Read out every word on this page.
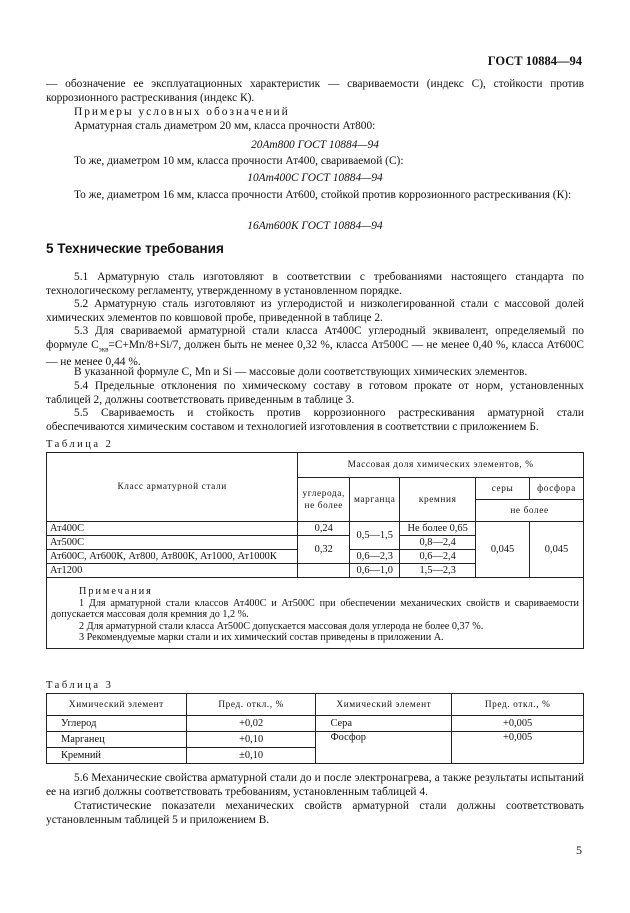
ГОСТ 10884—94
— обозначение ее эксплуатационных характеристик — свариваемости (индекс С), стойкости против коррозионного растрескивания (индекс К).
Примеры условных обозначений
Арматурная сталь диаметром 20 мм, класса прочности Ат800:
20Ат800 ГОСТ 10884—94
То же, диаметром 10 мм, класса прочности Ат400, свариваемой (С):
10Ат400С ГОСТ 10884—94
То же, диаметром 16 мм, класса прочности Ат600, стойкой против коррозионного растрескивания (К):
16Ат600К ГОСТ 10884—94
5 Технические требования
5.1 Арматурную сталь изготовляют в соответствии с требованиями настоящего стандарта по технологическому регламенту, утвержденному в установленном порядке.
5.2 Арматурную сталь изготовляют из углеродистой и низколегированной стали с массовой долей химических элементов по ковшовой пробе, приведенной в таблице 2.
5.3 Для свариваемой арматурной стали класса Ат400С углеродный эквивалент, определяемый по формуле $С_{экв}=C+Mn/8+Si/7$, должен быть не менее 0,32 %, класса Ат500С — не менее 0,40 %, класса Ат600С — не менее 0,44 %.
В указанной формуле С, Mn и Si — массовые доли соответствующих химических элементов.
5.4 Предельные отклонения по химическому составу в готовом прокате от норм, установленных таблицей 2, должны соответствовать приведенным в таблице 3.
5.5 Свариваемость и стойкость против коррозионного растрескивания арматурной стали обеспечиваются химическим составом и технологией изготовления в соответствии с приложением Б.
Таблица 2
Класс арматурной стали	Массовая доля химических элементов, %				
	углерода, не более	марганца	кремния	серы	фосфора
				не более	
Ат400С	0,24	0,5—1,5	Не более 0,65	0,045	0,045
Ат500С	0,32		0,8—2,4		
Ат600С, Ат600К, Ат800, Ат800К, Ат1000, Ат1000К		0,6—2,3	0,6—2,4		
Ат1200		0,6—1,0	1,5—2,3		

Примечания
1 Для арматурной стали классов Ат400С и Ат500С при обеспечении механических свойств и свариваемости допускается массовая доля кремния до 1,2 %.
2 Для арматурной стали класса Ат500С допускается массовая доля углерода не более 0,37 %.
3 Рекомендуемые марки стали и их химический состав приведены в приложении А.					
Таблица 3
Химический элемент	Пред. откл., %	Химический элемент	Пред. откл., %
Углерод	+0,02	Сера	+0,005
Марганец	+0,10	Фосфор	+0,005
Кремний	±0,10		
5.6 Механические свойства арматурной стали до и после электронагрева, а также результаты испытаний ее на изгиб должны соответствовать требованиям, установленным таблицей 4.
Статистические показатели механических свойств арматурной стали должны соответствовать установленным таблицей 5 и приложением В.
5
